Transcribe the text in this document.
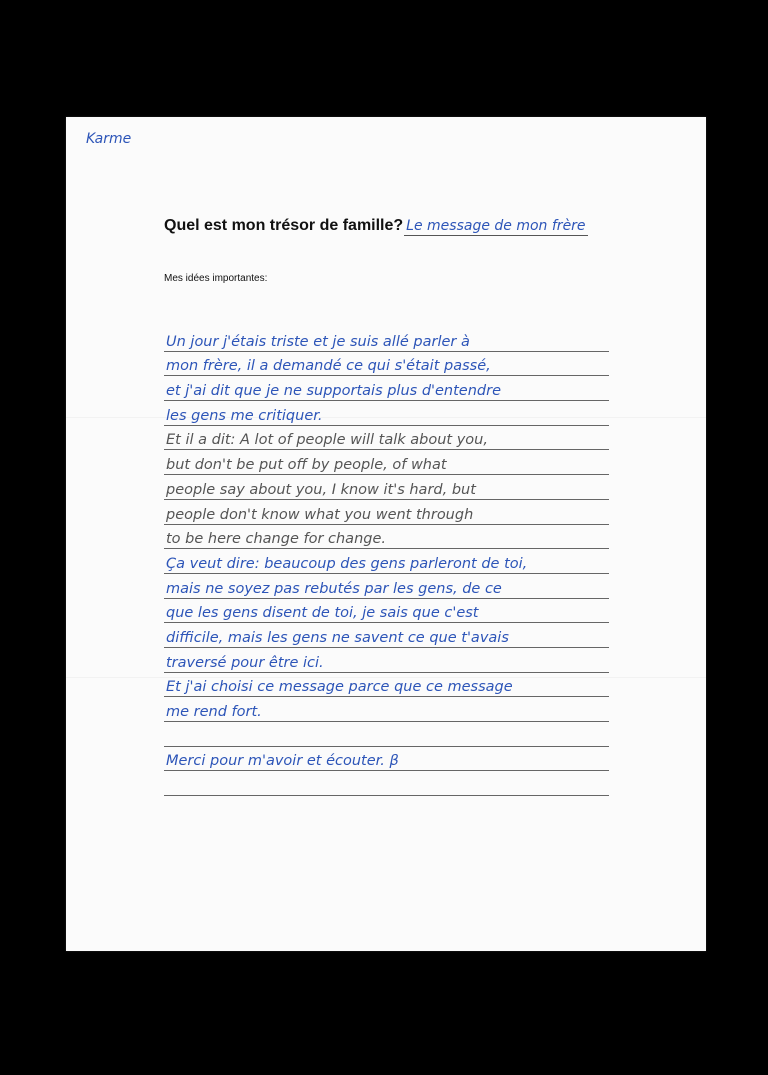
Karme
Quel est mon trésor de famille? Le message de mon frère
Mes idées importantes:
Un jour j'étais triste et je suis allé parler à
mon frère, il a demandé ce qui s'était passé,
et j'ai dit que je ne supportais plus d'entendre
les gens me critiquer.
Et il a dit: A lot of people will talk about you,
but don't be put off by people, of what
people say about you, I know it's hard, but
people don't know what you went through
to be here change for change.
Ça veut dire: beaucoup des gens parleront de toi,
mais ne soyez pas rebutés par les gens, de ce
que les gens disent de toi, je sais que c'est
difficile, mais les gens ne savent ce que t'avais
traversé pour être ici.
Et j'ai choisi ce message parce que ce message
me rend fort.
Merci pour m'avoir et écouter. β
